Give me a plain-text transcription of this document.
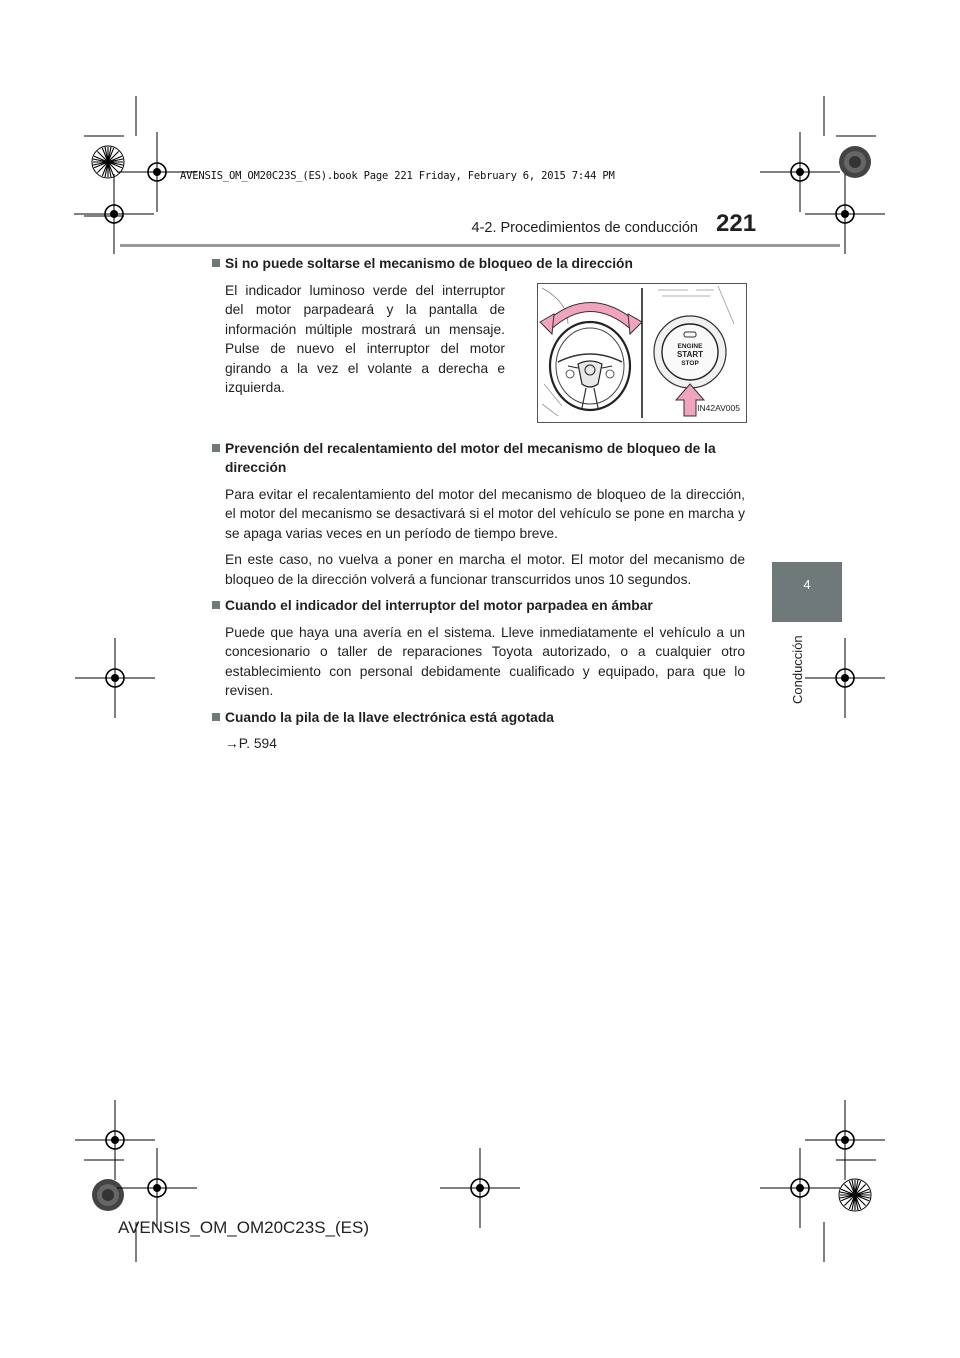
AVENSIS_OM_OM20C23S_(ES).book Page 221 Friday, February 6, 2015 7:44 PM
4-2. Procedimientos de conducción 221
4
Conducción
Si no puede soltarse el mecanismo de bloqueo de la dirección
El indicador luminoso verde del interruptor del motor parpadeará y la pantalla de información múltiple mostrará un mensaje. Pulse de nuevo el interruptor del motor girando a la vez el volante a derecha e izquierda.
ENGINE
START
STOP
IN42AV005
Prevención del recalentamiento del motor del mecanismo de bloqueo de la dirección
Para evitar el recalentamiento del motor del mecanismo de bloqueo de la dirección, el motor del mecanismo se desactivará si el motor del vehículo se pone en marcha y se apaga varias veces en un período de tiempo breve.
En este caso, no vuelva a poner en marcha el motor. El motor del mecanismo de bloqueo de la dirección volverá a funcionar transcurridos unos 10 segundos.
Cuando el indicador del interruptor del motor parpadea en ámbar
Puede que haya una avería en el sistema. Lleve inmediatamente el vehículo a un concesionario o taller de reparaciones Toyota autorizado, o a cualquier otro establecimiento con personal debidamente cualificado y equipado, para que lo revisen.
Cuando la pila de la llave electrónica está agotada
→P. 594
AVENSIS_OM_OM20C23S_(ES)
